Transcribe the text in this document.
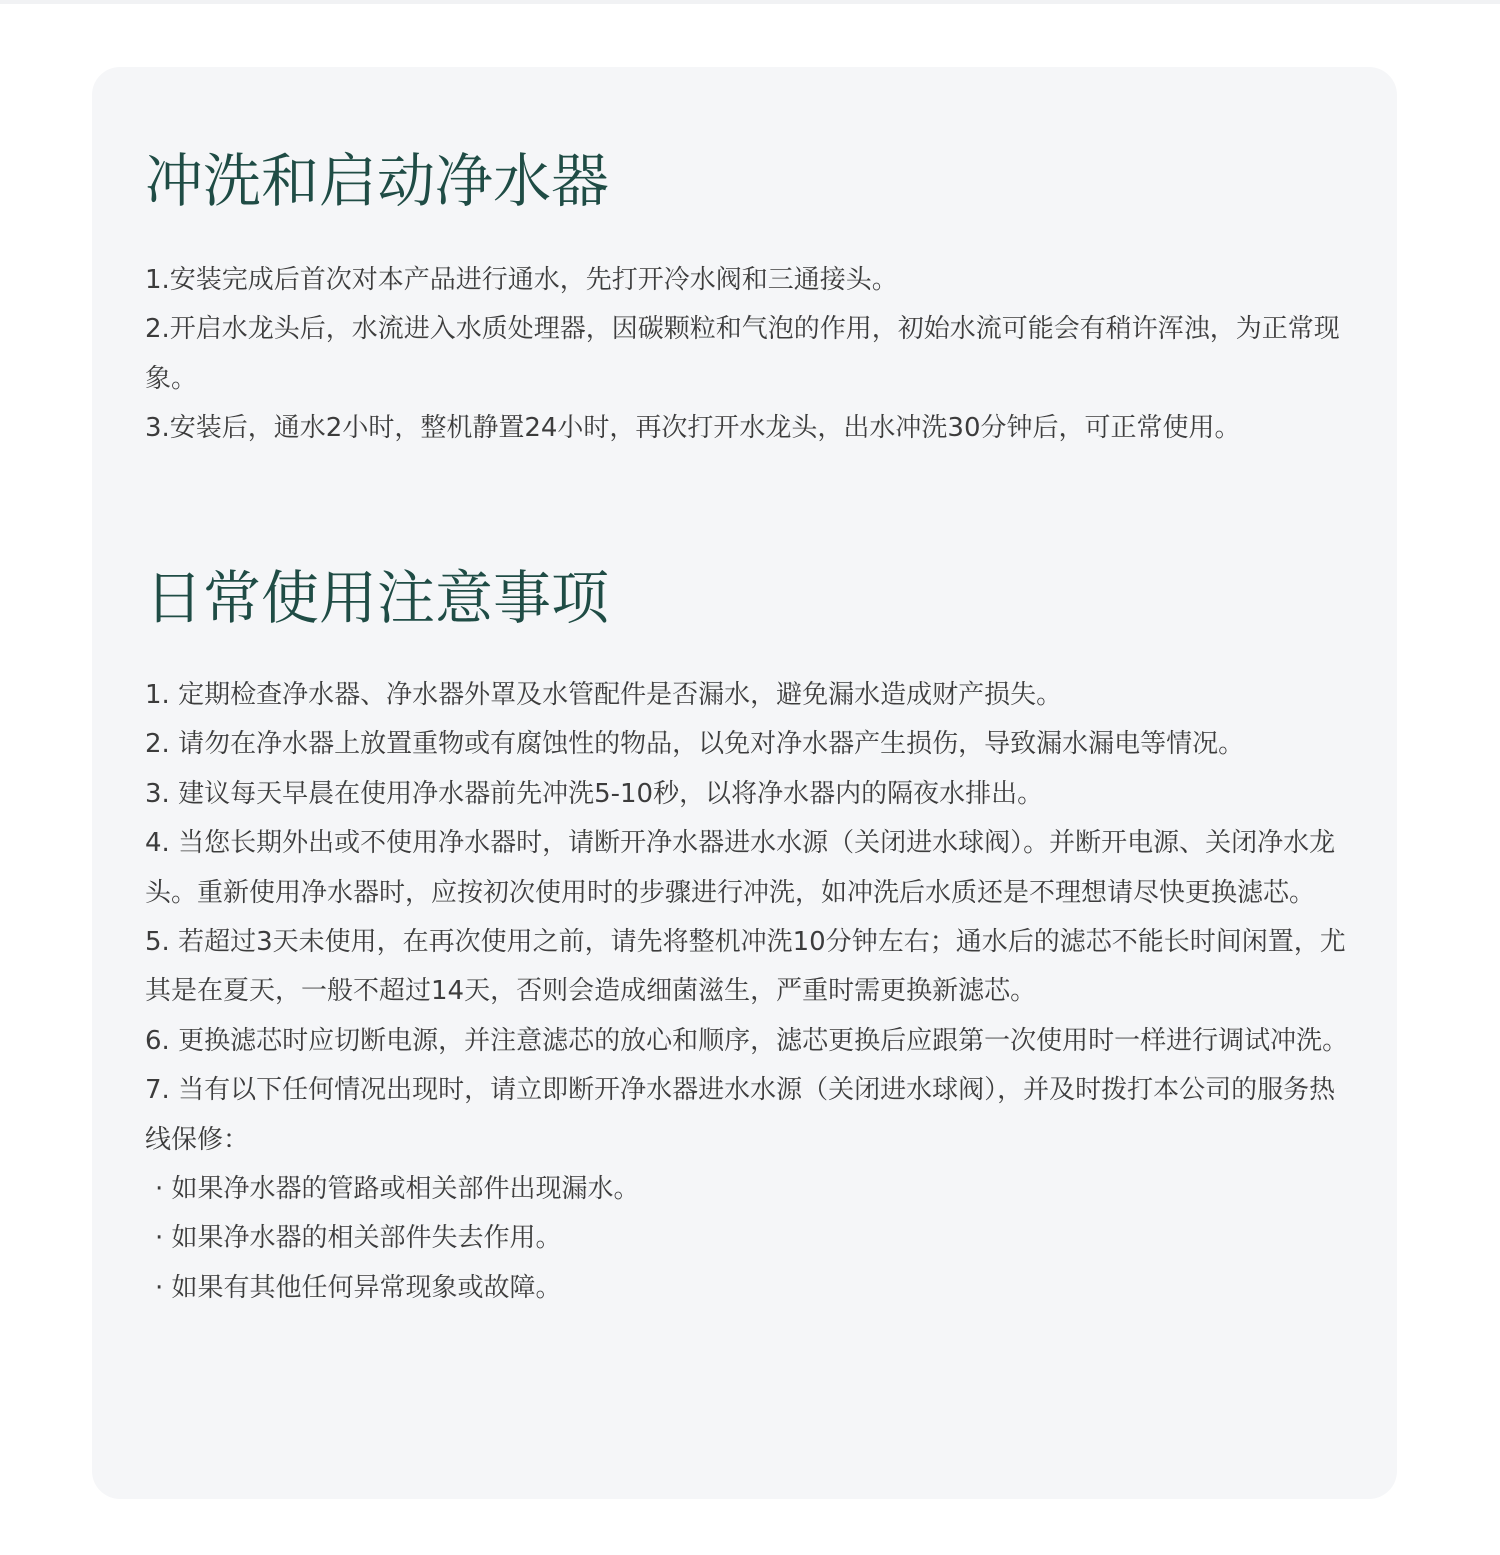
冲洗和启动净水器
1.安装完成后首次对本产品进行通水，先打开冷水阀和三通接头。
2.开启水龙头后，水流进入水质处理器，因碳颗粒和气泡的作用，初始水流可能会有稍许浑浊，为正常现象。
3.安装后，通水2小时，整机静置24小时，再次打开水龙头，出水冲洗30分钟后，可正常使用。
日常使用注意事项
1. 定期检查净水器、净水器外罩及水管配件是否漏水，避免漏水造成财产损失。
2. 请勿在净水器上放置重物或有腐蚀性的物品，以免对净水器产生损伤，导致漏水漏电等情况。
3. 建议每天早晨在使用净水器前先冲洗5-10秒，以将净水器内的隔夜水排出。
4. 当您长期外出或不使用净水器时，请断开净水器进水水源（关闭进水球阀）。并断开电源、关闭净水龙头。重新使用净水器时，应按初次使用时的步骤进行冲洗，如冲洗后水质还是不理想请尽快更换滤芯。
5. 若超过3天未使用，在再次使用之前，请先将整机冲洗10分钟左右；通水后的滤芯不能长时间闲置，尤其是在夏天，一般不超过14天，否则会造成细菌滋生，严重时需更换新滤芯。
6. 更换滤芯时应切断电源，并注意滤芯的放心和顺序，滤芯更换后应跟第一次使用时一样进行调试冲洗。
7. 当有以下任何情况出现时，请立即断开净水器进水水源（关闭进水球阀），并及时拨打本公司的服务热线保修：
· 如果净水器的管路或相关部件出现漏水。
· 如果净水器的相关部件失去作用。
· 如果有其他任何异常现象或故障。
